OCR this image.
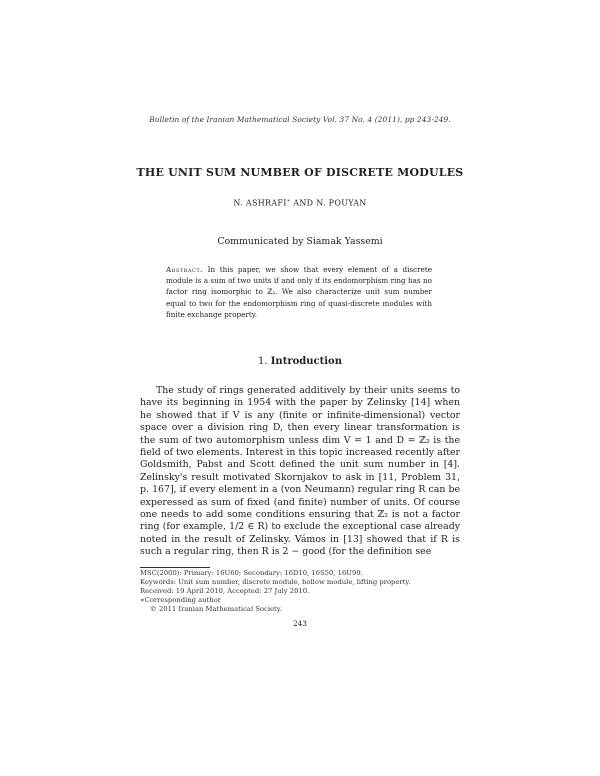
Bulletin of the Iranian Mathematical Society Vol. 37 No. 4 (2011), pp 243-249.
THE UNIT SUM NUMBER OF DISCRETE MODULES
N. ASHRAFI∗ AND N. POUYAN
Communicated by Siamak Yassemi
Abstract. In this paper, we show that every element of a discrete module is a sum of two units if and only if its endomorphism ring has no factor ring isomorphic to ℤ₂. We also characterize unit sum number equal to two for the endomorphism ring of quasi-discrete modules with finite exchange property.
1. Introduction

The study of rings generated additively by their units seems to have its beginning in 1954 with the paper by Zelinsky [14] when he showed that if V is any (finite or infinite-dimensional) vector space over a division ring D, then every linear transformation is the sum of two automorphism unless dim V = 1 and D = ℤ₂ is the field of two elements. Interest in this topic increased recently after Goldsmith, Pabst and Scott defined the unit sum number in [4]. Zelinsky's result motivated Skornjakov to ask in [11, Problem 31, p. 167], if every element in a (von Neumann) regular ring R can be experessed as sum of fixed (and finite) number of units. Of course one needs to add some conditions ensuring that ℤ₂ is not a factor ring (for example, 1/2 ∈ R) to exclude the exceptional case already noted in the result of Zelinsky. Vámos in [13] showed that if R is such a regular ring, then R is 2 − good (for the definition see

MSC(2000): Primary: 16U60; Secondary: 16D10, 16S50, 16U99.
Keywords: Unit sum number, discrete module, hollow module, lifting property.
Received: 19 April 2010, Accepted: 27 July 2010.
∗Corresponding author
© 2011 Iranian Mathematical Society.
243
